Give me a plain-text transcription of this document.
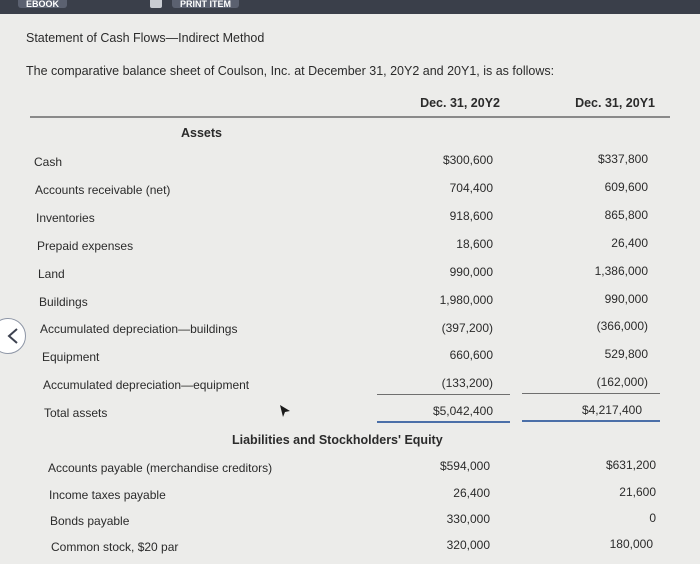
EBOOK	PRINT ITEM
Statement of Cash Flows—Indirect Method
The comparative balance sheet of Coulson, Inc. at December 31, 20Y2 and 20Y1, is as follows:
Dec. 31, 20Y2	Dec. 31, 20Y1
Assets
Cash	$300,600	$337,800
Accounts receivable (net)	704,400	609,600
Inventories	918,600	865,800
Prepaid expenses	18,600	26,400
Land	990,000	1,386,000
Buildings	1,980,000	990,000
Accumulated depreciation—buildings	(397,200)	(366,000)
Equipment	660,600	529,800
Accumulated depreciation—equipment	(133,200)	(162,000)
Total assets	$5,042,400	$4,217,400
Liabilities and Stockholders' Equity
Accounts payable (merchandise creditors)	$594,000	$631,200
Income taxes payable	26,400	21,600
Bonds payable	330,000	0
Common stock, $20 par	320,000	180,000
